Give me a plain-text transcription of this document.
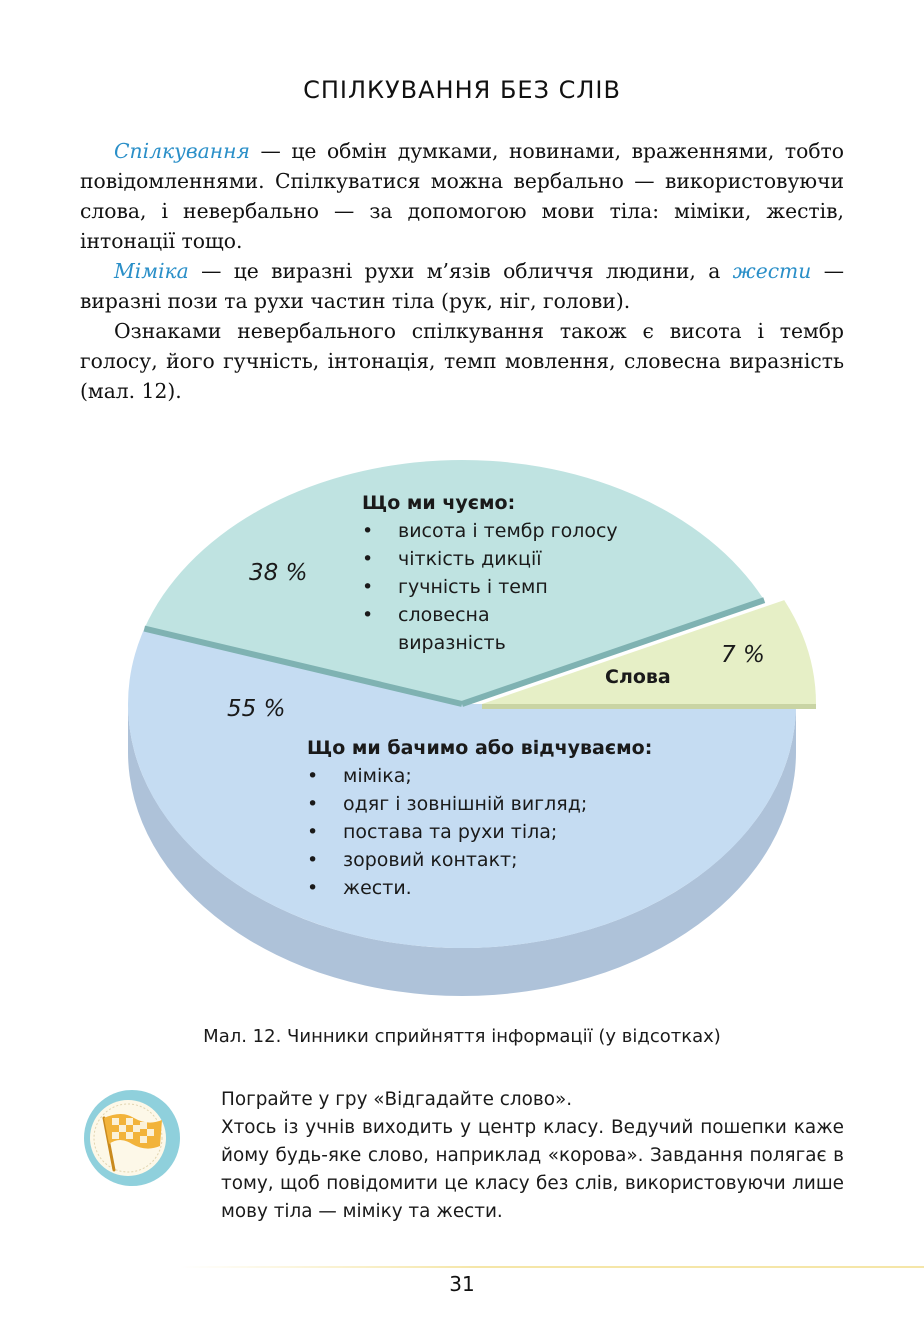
СПІЛКУВАННЯ БЕЗ СЛІВ

Спілкування — це обмін думками, новинами, враженнями, тобто повідомленнями. Спілкуватися можна вербально — використовуючи слова, і невербально — за допомогою мови тіла: міміки, жестів, інтонації тощо.

Міміка — це виразні рухи м’язів обличчя людини, а жести — виразні пози та рухи частин тіла (рук, ніг, голови).

Ознаками невербального спілкування також є висота і тембр голосу, його гучність, інтонація, темп мовлення, словесна виразність (мал. 12).

38 %
7 %
55 %
Що ми чуємо:
• висота і тембр голосу
• чіткість дикції
• гучність і темп
• словесна виразність
Слова
Що ми бачимо або відчуваємо:
• міміка;
• одяг і зовнішній вигляд;
• постава та рухи тіла;
• зоровий контакт;
• жести.
Мал. 12. Чинники сприйняття інформації (у відсотках)

Пограйте у гру «Відгадайте слово».

Хтось із учнів виходить у центр класу. Ведучий пошепки каже йому будь-яке слово, наприклад «корова». Завдання полягає в тому, щоб повідомити це класу без слів, використовуючи лише мову тіла — міміку та жести.

31
